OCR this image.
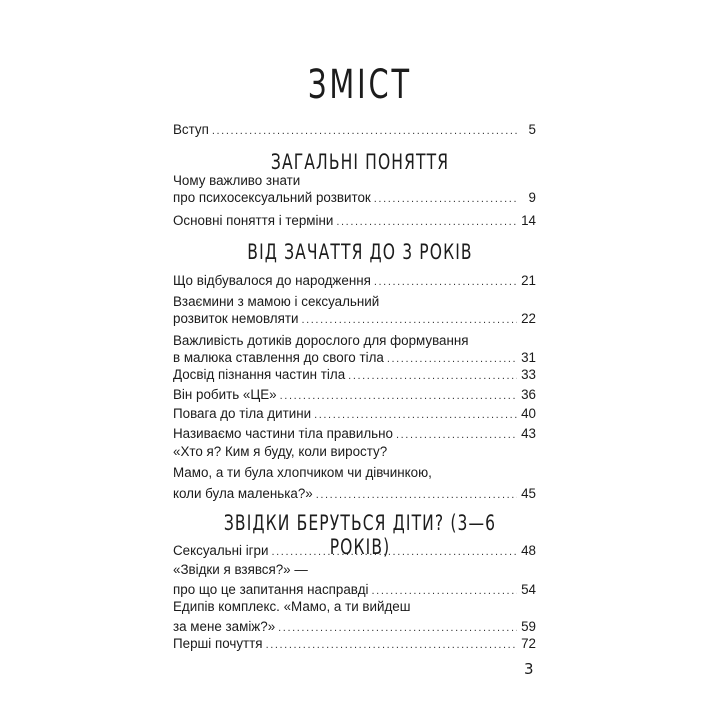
ЗМІСТ
Вступ .....	5
ЗАГАЛЬНІ ПОНЯТТЯ
Чому важливо знати
про психосексуальний розвиток .....	9
Основні поняття і терміни .....	14
ВІД ЗАЧАТТЯ ДО 3 РОКІВ
Що відбувалося до народження .....	21
Взаємини з мамою і сексуальний
розвиток немовляти .....	22
Важливість дотиків дорослого для формування
в малюка ставлення до свого тіла .....	31
Досвід пізнання частин тіла .....	33
Він робить «ЦЕ» .....	36
Повага до тіла дитини .....	40
Називаємо частини тіла правильно .....	43
«Хто я? Ким я буду, коли виросту?
Мамо, а ти була хлопчиком чи дівчинкою,
коли була маленька?» .....	45
ЗВІДКИ БЕРУТЬСЯ ДІТИ? (3—6 РОКІВ)
Сексуальні ігри .....	48
«Звідки я взявся?» —
про що це запитання насправді .....	54
Едипів комплекс. «Мамо, а ти вийдеш
за мене заміж?» .....	59
Перші почуття .....	72
3
